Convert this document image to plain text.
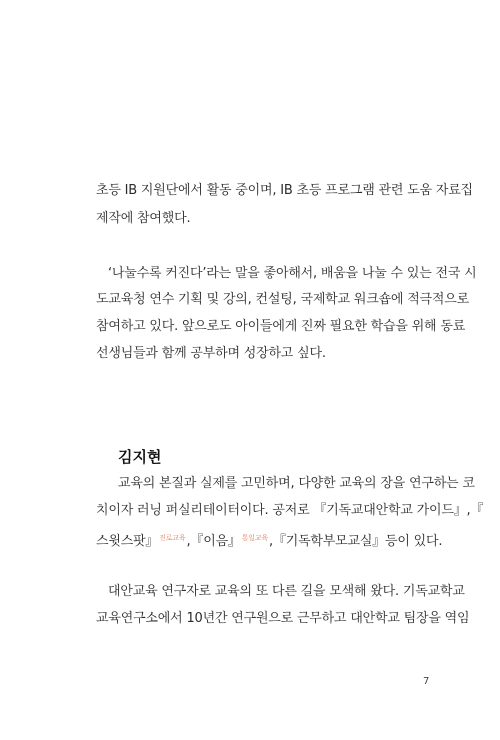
초등 IB 지원단에서 활동 중이며, IB 초등 프로그램 관련 도움 자료집
제작에 참여했다.
‘나눌수록 커진다’라는 말을 좋아해서, 배움을 나눌 수 있는 전국 시
도교육청 연수 기획 및 강의, 컨설팅, 국제학교 워크숍에 적극적으로
참여하고 있다. 앞으로도 아이들에게 진짜 필요한 학습을 위해 동료
선생님들과 함께 공부하며 성장하고 싶다.
김지현
교육의 본질과 실제를 고민하며, 다양한 교육의 장을 연구하는 코
치이자 러닝 퍼실리테이터이다. 공저로 『기독교대안학교 가이드』,『
스윗스팟』$^{진로교육}$,『이음』$^{통일교육}$,『기독학부모교실』등이 있다.
대안교육 연구자로 교육의 또 다른 길을 모색해 왔다. 기독교학교
교육연구소에서 10년간 연구원으로 근무하고 대안학교 팀장을 역임
7
